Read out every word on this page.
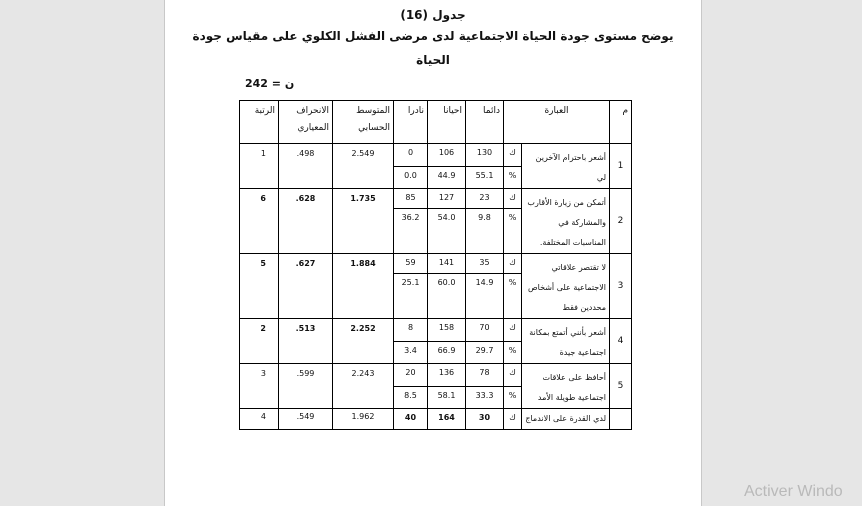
جدول (16)
يوضح مستوى جودة الحياة الاجتماعية لدى مرضى الفشل الكلوي على مقياس جودة
الحياة
ن = 242
م	العبارة		دائما	احيانا	نادرا	المتوسط الحسابي	الانحراف المعياري	الرتبة
1	أشعر باحترام الآخرين لي	ك	130	106	0	2.549	498.	1
		%	55.1	44.9	0.0			
2	أتمكن من زيارة الأقارب والمشاركة في المناسبات المختلفة.	ك	23	127	85	1.735	628.	6
		%	9.8	54.0	36.2			
3	لا تقتصر علاقاتي الاجتماعية على أشخاص محددين فقط	ك	35	141	59	1.884	627.	5
		%	14.9	60.0	25.1			
4	أشعر بأنني أتمتع بمكانة اجتماعية جيدة	ك	70	158	8	2.252	513.	2
		%	29.7	66.9	3.4			
5	أحافظ على علاقات اجتماعية طويلة الأمد	ك	78	136	20	2.243	599.	3
		%	33.3	58.1	8.5			
	لدي القدرة على الاندماج	ك	30	164	40	1.962	549.	4
Activer Windo
